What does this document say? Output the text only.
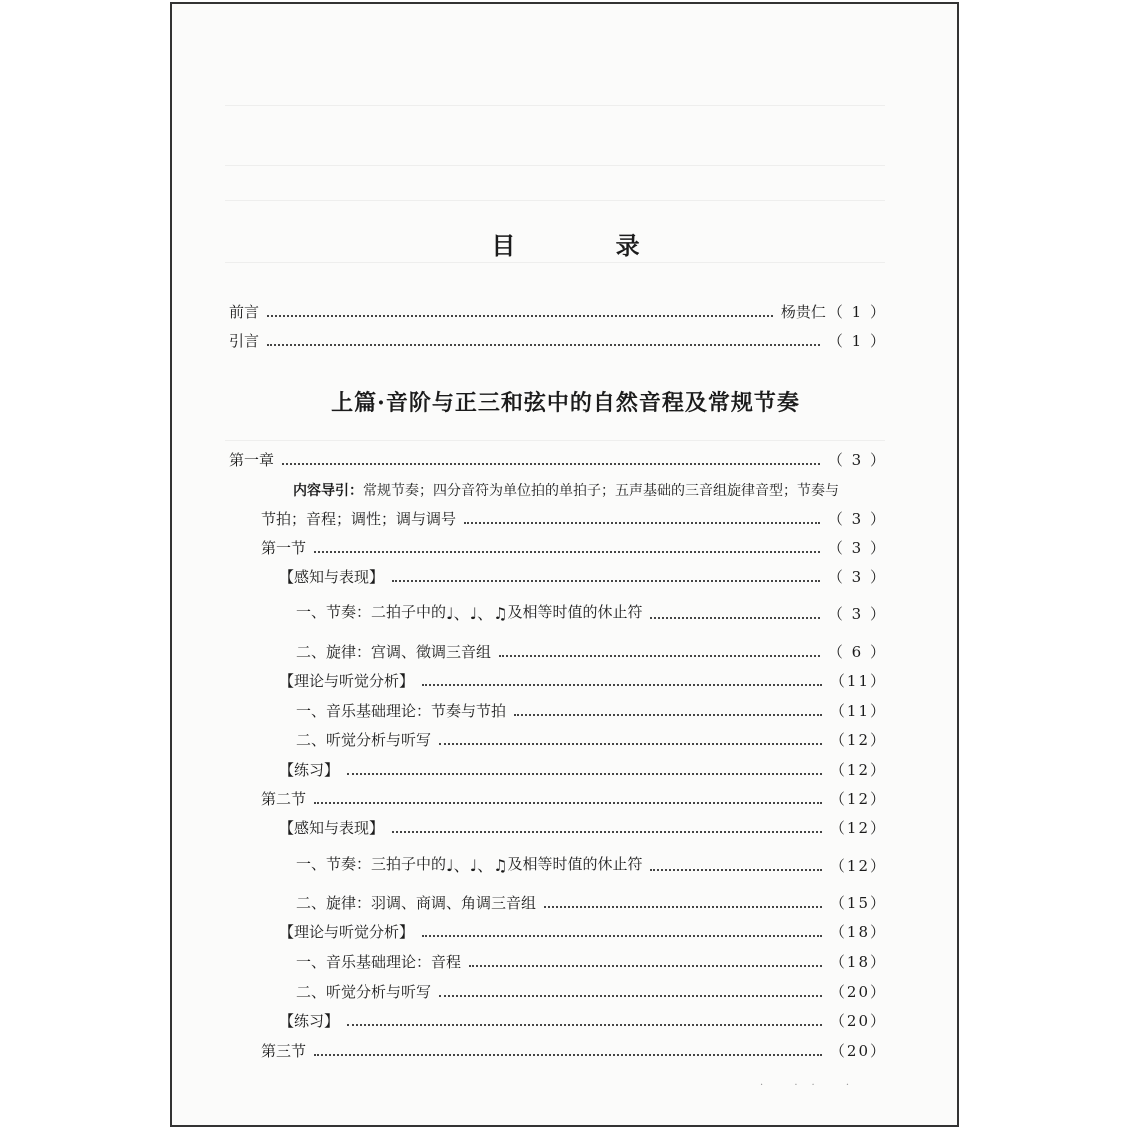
目 录
上篇·音阶与正三和弦中的自然音程及常规节奏
前言	杨贵仁 （ 1 ）
引言	（ 1 ）
第一章	（ 3 ）
内容导引：常规节奏；四分音符为单位拍的单拍子；五声基础的三音组旋律音型；节奏与
节拍；音程；调性；调与调号	（ 3 ）
第一节	（ 3 ）
【感知与表现】	（ 3 ）
一、节奏：二拍子中的♩、♩、♫及相等时值的休止符	（ 3 ）
二、旋律：宫调、徵调三音组	（ 6 ）
【理论与听觉分析】	（11）
一、音乐基础理论：节奏与节拍	（11）
二、听觉分析与听写	（12）
【练习】	（12）
第二节	（12）
【感知与表现】	（12）
一、节奏：三拍子中的♩、♩、♫及相等时值的休止符	（12）
二、旋律：羽调、商调、角调三音组	（15）
【理论与听觉分析】	（18）
一、音乐基础理论：音程	（18）
二、听觉分析与听写	（20）
【练习】	（20）
第三节	（20）
· ·· ·
